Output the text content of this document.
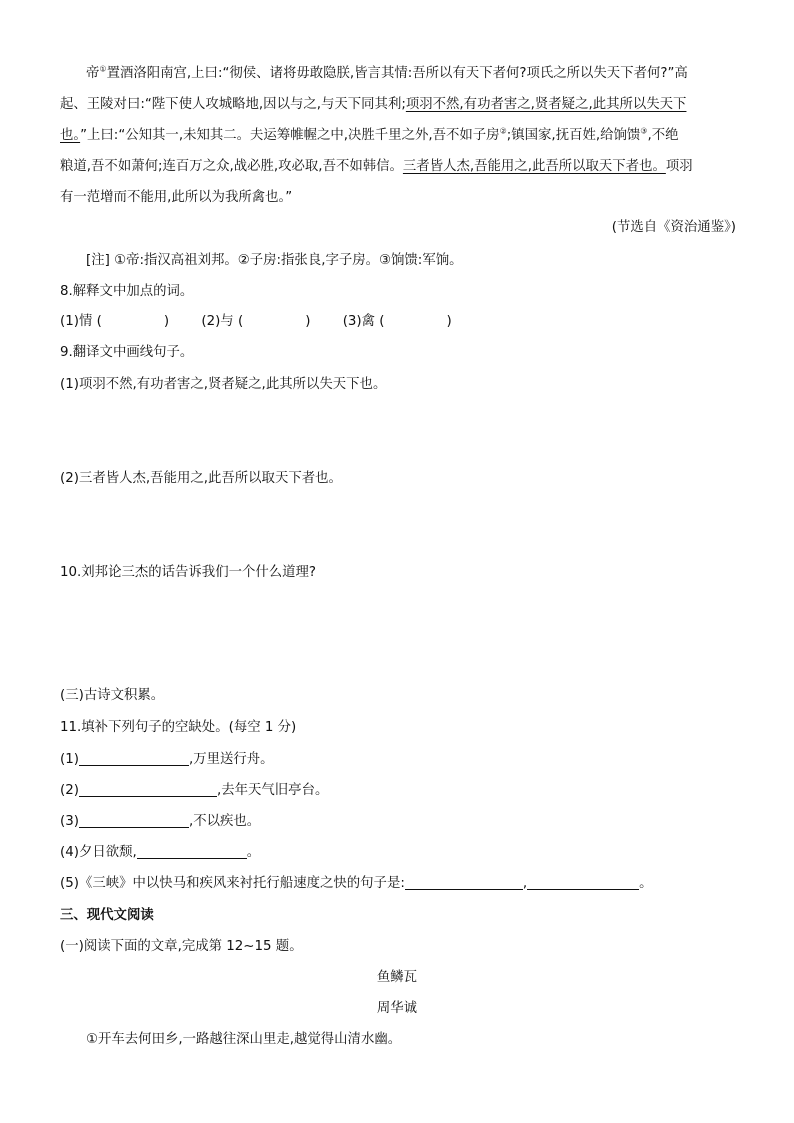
帝①置酒洛阳南宫,上曰:“彻侯、诸将毋敢隐朕,皆言其情:吾所以有天下者何?项氏之所以失天下者何?”高
起、王陵对曰:“陛下使人攻城略地,因以与之,与天下同其利;项羽不然,有功者害之,贤者疑之,此其所以失天下
也。”上曰:“公知其一,未知其二。夫运筹帷幄之中,决胜千里之外,吾不如子房②;镇国家,抚百姓,给饷馈③,不绝
粮道,吾不如萧何;连百万之众,战必胜,攻必取,吾不如韩信。三者皆人杰,吾能用之,此吾所以取天下者也。项羽
有一范增而不能用,此所以为我所禽也。”
(节选自《资治通鉴》)
[注] ①帝:指汉高祖刘邦。②子房:指张良,字子房。③饷馈:军饷。
8.解释文中加点的词。
(1)情 (	) (2)与 (	) (3)禽 (	)
9.翻译文中画线句子。
(1)项羽不然,有功者害之,贤者疑之,此其所以失天下也。
(2)三者皆人杰,吾能用之,此吾所以取天下者也。
10.刘邦论三杰的话告诉我们一个什么道理?
(三)古诗文积累。
11.填补下列句子的空缺处。(每空 1 分)
(1)	,万里送行舟。
(2)	,去年天气旧亭台。
(3)	,不以疾也。
(4)夕日欲颓,	。
(5)《三峡》中以快马和疾风来衬托行船速度之快的句子是:	,	。
三、现代文阅读
(一)阅读下面的文章,完成第 12~15 题。
鱼鳞瓦
周华诚
①开车去何田乡,一路越往深山里走,越觉得山清水幽。
